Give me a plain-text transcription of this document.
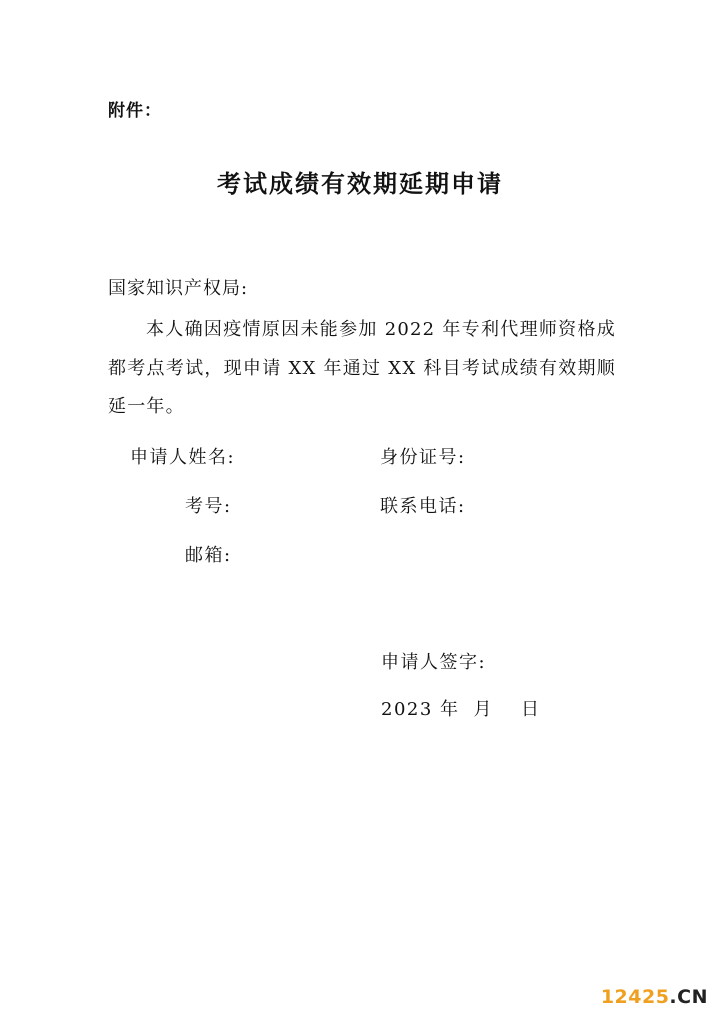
附件：
考试成绩有效期延期申请
国家知识产权局:
本人确因疫情原因未能参加 2022 年专利代理师资格成都考点考试，现申请 XX 年通过 XX 科目考试成绩有效期顺延一年。
申请人姓名:	身份证号:
考号:	联系电话:
邮箱:
申请人签字:
2023 年 月 日
12425.CN
